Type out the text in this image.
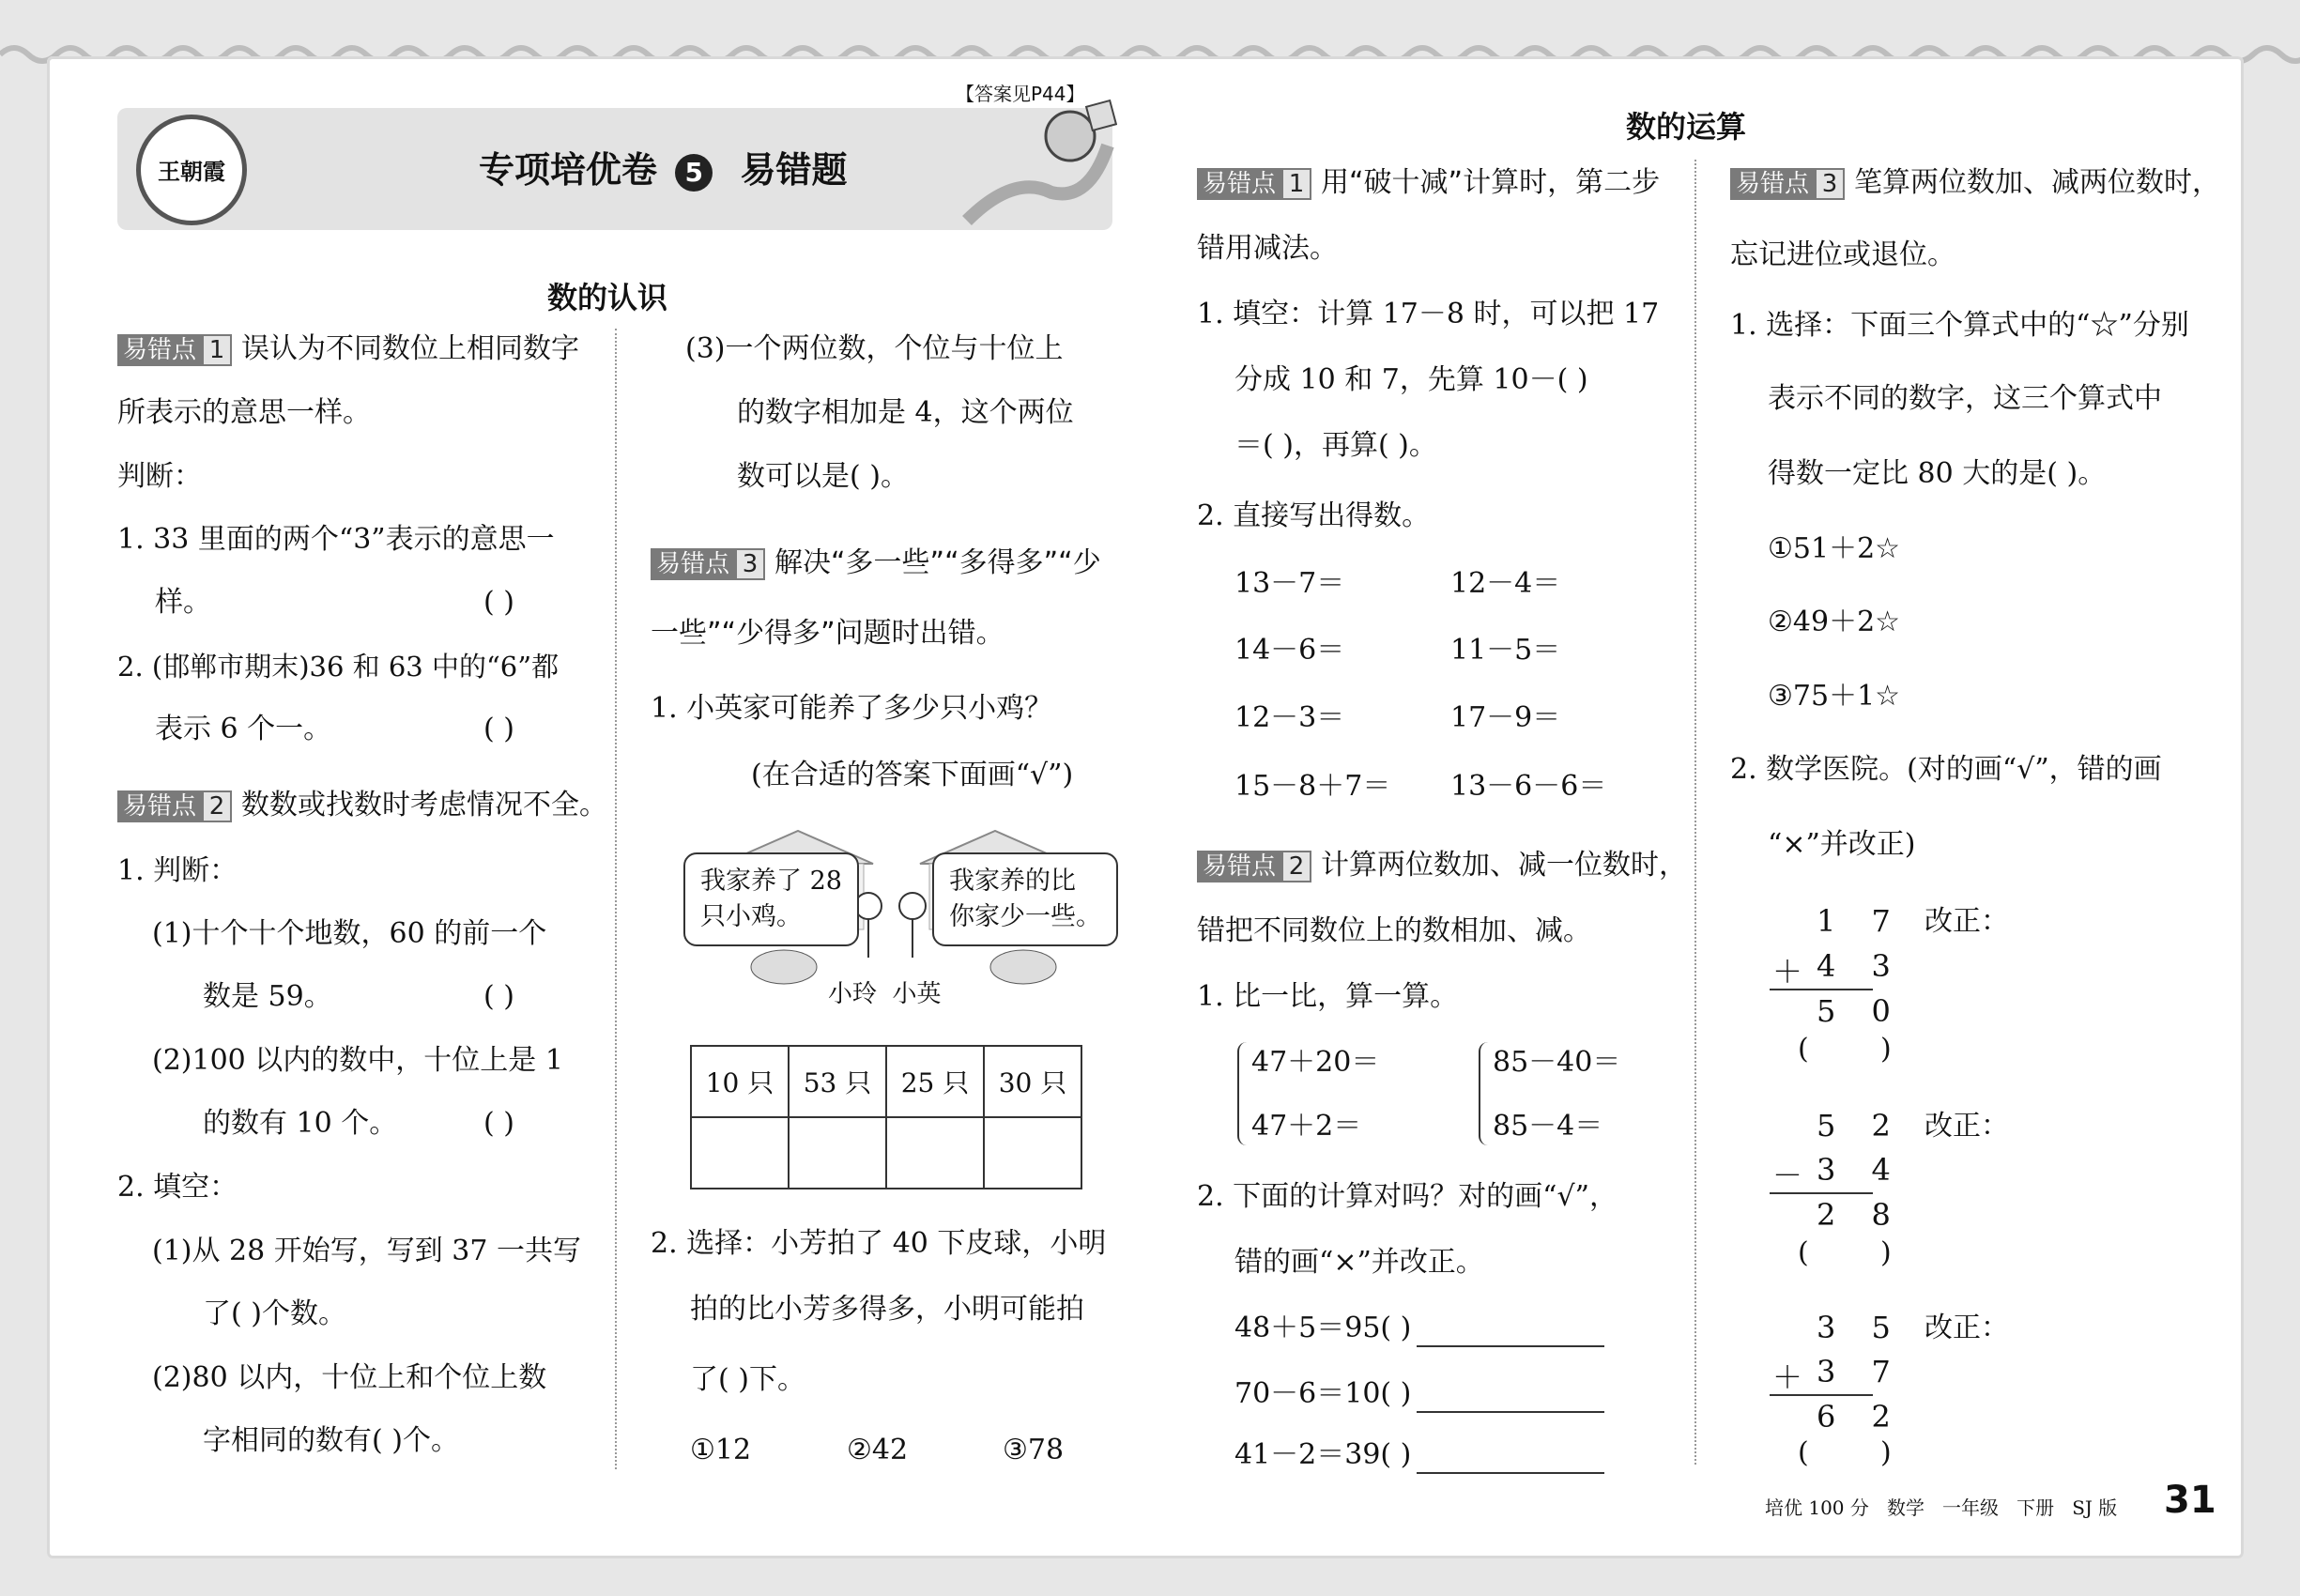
王朝霞
【答案见P44】
专项培优卷 5 易错题
数的认识
易错点 1 误认为不同数位上相同数字
所表示的意思一样。
判断：
1. 33 里面的两个“3”表示的意思一
样。	( )
2. (邯郸市期末)36 和 63 中的“6”都
表示 6 个一。	( )
易错点 2 数数或找数时考虑情况不全。
1. 判断：
(1)十个十个地数，60 的前一个
数是 59。	( )
(2)100 以内的数中，十位上是 1
的数有 10 个。	( )
2. 填空：
(1)从 28 开始写，写到 37 一共写
了( )个数。
(2)80 以内，十位上和个位上数
字相同的数有( )个。
(3)一个两位数，个位与十位上
的数字相加是 4，这个两位
数可以是( )。
易错点 3 解决“多一些”“多得多”“少
一些”“少得多”问题时出错。
1. 小英家可能养了多少只小鸡？
(在合适的答案下面画“√”)
我家养了 28
只小鸡。
我家养的比
你家少一些。
小玲  小英
10 只	53 只	25 只	30 只

2. 选择：小芳拍了 40 下皮球，小明
拍的比小芳多得多，小明可能拍
了( )下。
①12	②42	③78
数的运算
易错点 1 用“破十减”计算时，第二步
错用减法。
1. 填空：计算 17－8 时，可以把 17
分成 10 和 7，先算 10－( )
＝( )，再算( )。
2. 直接写出得数。
13－7＝	12－4＝
14－6＝	11－5＝
12－3＝	17－9＝
15－8＋7＝ 13－6－6＝
易错点 2 计算两位数加、减一位数时，
错把不同数位上的数相加、减。
1. 比一比，算一算。
47＋20＝
47＋2＝
85－40＝
85－4＝
2. 下面的计算对吗？对的画“√”，
错的画“×”并改正。
48＋5＝95( )
70－6＝10( )
41－2＝39( )
易错点 3 笔算两位数加、减两位数时，
忘记进位或退位。
1. 选择：下面三个算式中的“☆”分别
表示不同的数字，这三个算式中
得数一定比 80 大的是( )。
①51＋2☆
②49＋2☆
③75＋1☆
2. 数学医院。(对的画“√”，错的画
“×”并改正)
1 7
＋ 4 3
5 0
(        )
改正：
5 2
－ 3 4
2 8
(        )
改正：
3 5
＋ 3 7
6 2
(        )
改正：
培优 100 分 数学 一年级 下册 SJ 版 31
